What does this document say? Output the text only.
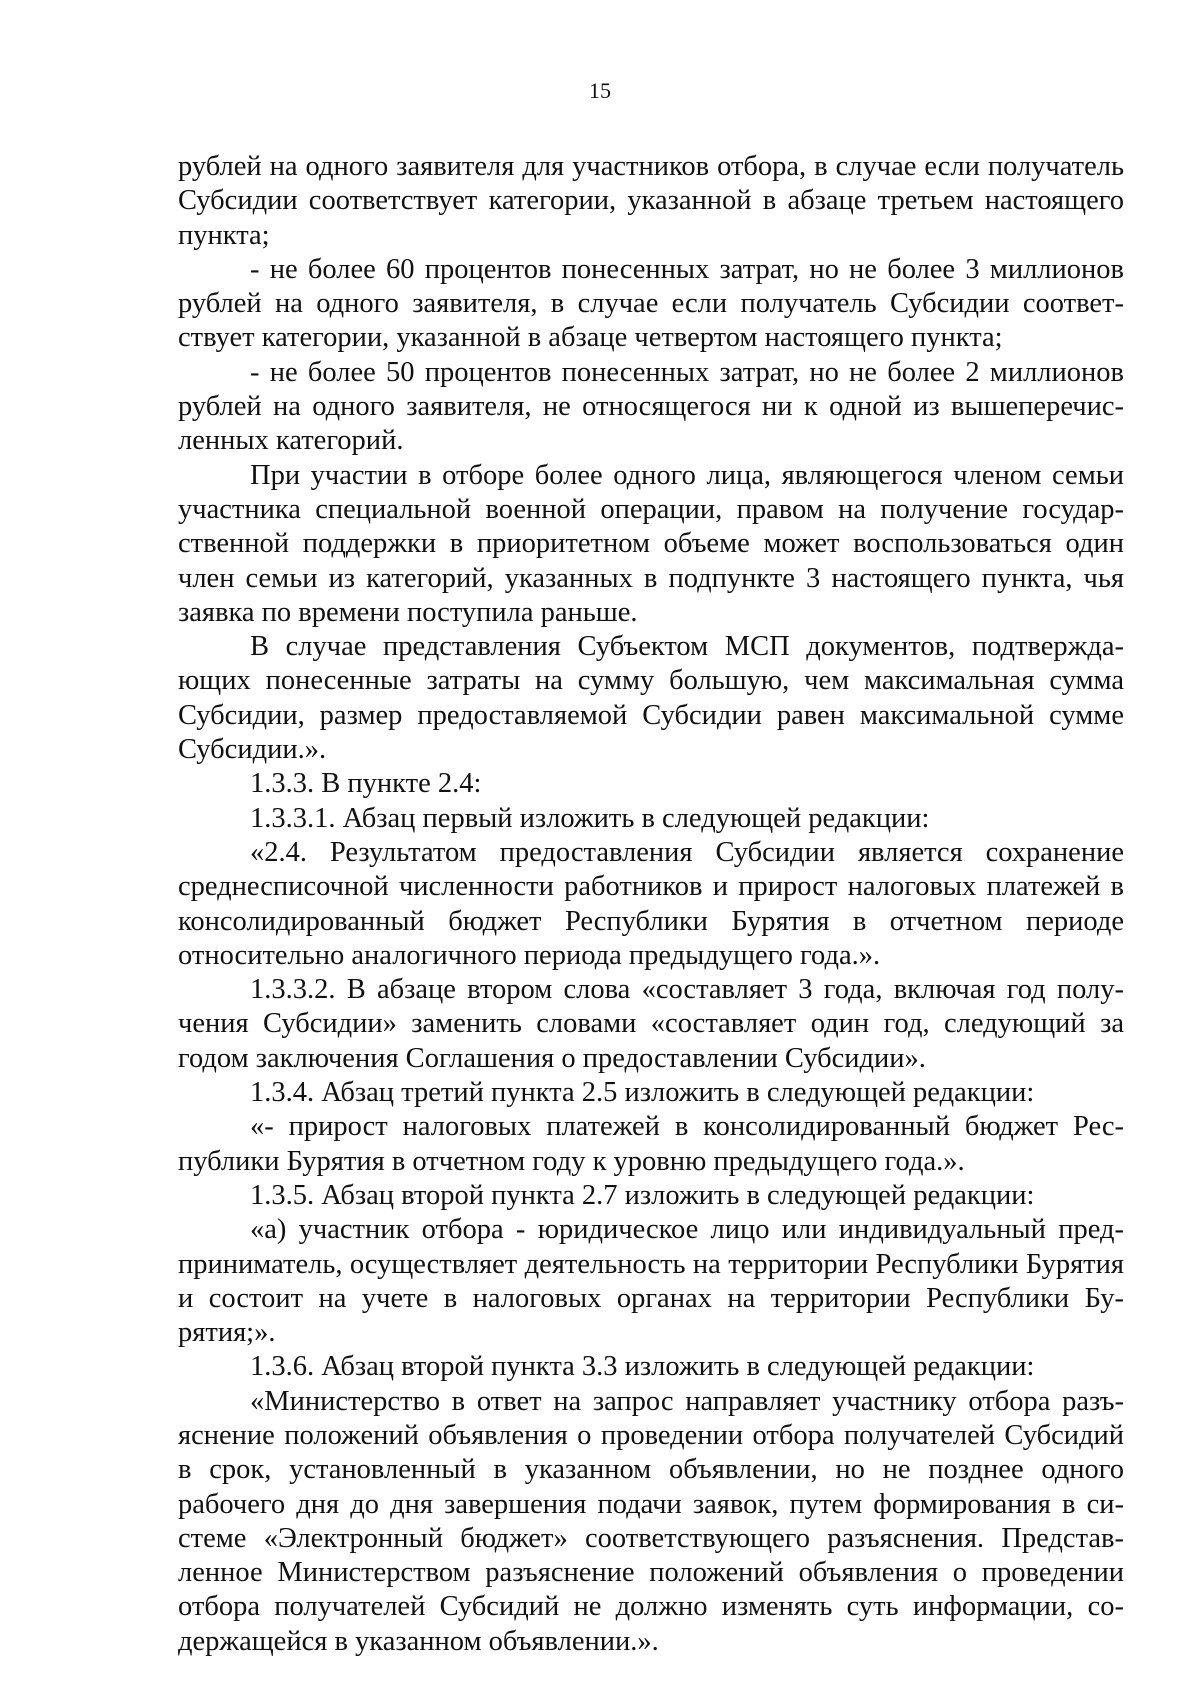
15

рублей на одного заявителя для участников отбора, в случае если получатель Субсидии соответствует категории, указанной в абзаце третьем настоящего пункта;

- не более 60 процентов понесенных затрат, но не более 3 миллионов рублей на одного заявителя, в случае если получатель Субсидии соответствует категории, указанной в абзаце четвертом настоящего пункта;

- не более 50 процентов понесенных затрат, но не более 2 миллионов рублей на одного заявителя, не относящегося ни к одной из вышеперечисленных категорий.

При участии в отборе более одного лица, являющегося членом семьи участника специальной военной операции, правом на получение государственной поддержки в приоритетном объеме может воспользоваться один член семьи из категорий, указанных в подпункте 3 настоящего пункта, чья заявка по времени поступила раньше.

В случае представления Субъектом МСП документов, подтверждающих понесенные затраты на сумму большую, чем максимальная сумма Субсидии, размер предоставляемой Субсидии равен максимальной сумме Субсидии.».

1.3.3. В пункте 2.4:

1.3.3.1. Абзац первый изложить в следующей редакции:

«2.4. Результатом предоставления Субсидии является сохранение среднесписочной численности работников и прирост налоговых платежей в консолидированный бюджет Республики Бурятия в отчетном периоде относительно аналогичного периода предыдущего года.».

1.3.3.2. В абзаце втором слова «составляет 3 года, включая год получения Субсидии» заменить словами «составляет один год, следующий за годом заключения Соглашения о предоставлении Субсидии».

1.3.4. Абзац третий пункта 2.5 изложить в следующей редакции:

«- прирост налоговых платежей в консолидированный бюджет Республики Бурятия в отчетном году к уровню предыдущего года.».

1.3.5. Абзац второй пункта 2.7 изложить в следующей редакции:

«а) участник отбора - юридическое лицо или индивидуальный предприниматель, осуществляет деятельность на территории Республики Бурятия и состоит на учете в налоговых органах на территории Республики Бурятия;».

1.3.6. Абзац второй пункта 3.3 изложить в следующей редакции:

«Министерство в ответ на запрос направляет участнику отбора разъяснение положений объявления о проведении отбора получателей Субсидий в срок, установленный в указанном объявлении, но не позднее одного рабочего дня до дня завершения подачи заявок, путем формирования в системе «Электронный бюджет» соответствующего разъяснения. Представленное Министерством разъяснение положений объявления о проведении отбора получателей Субсидий не должно изменять суть информации, содержащейся в указанном объявлении.».
